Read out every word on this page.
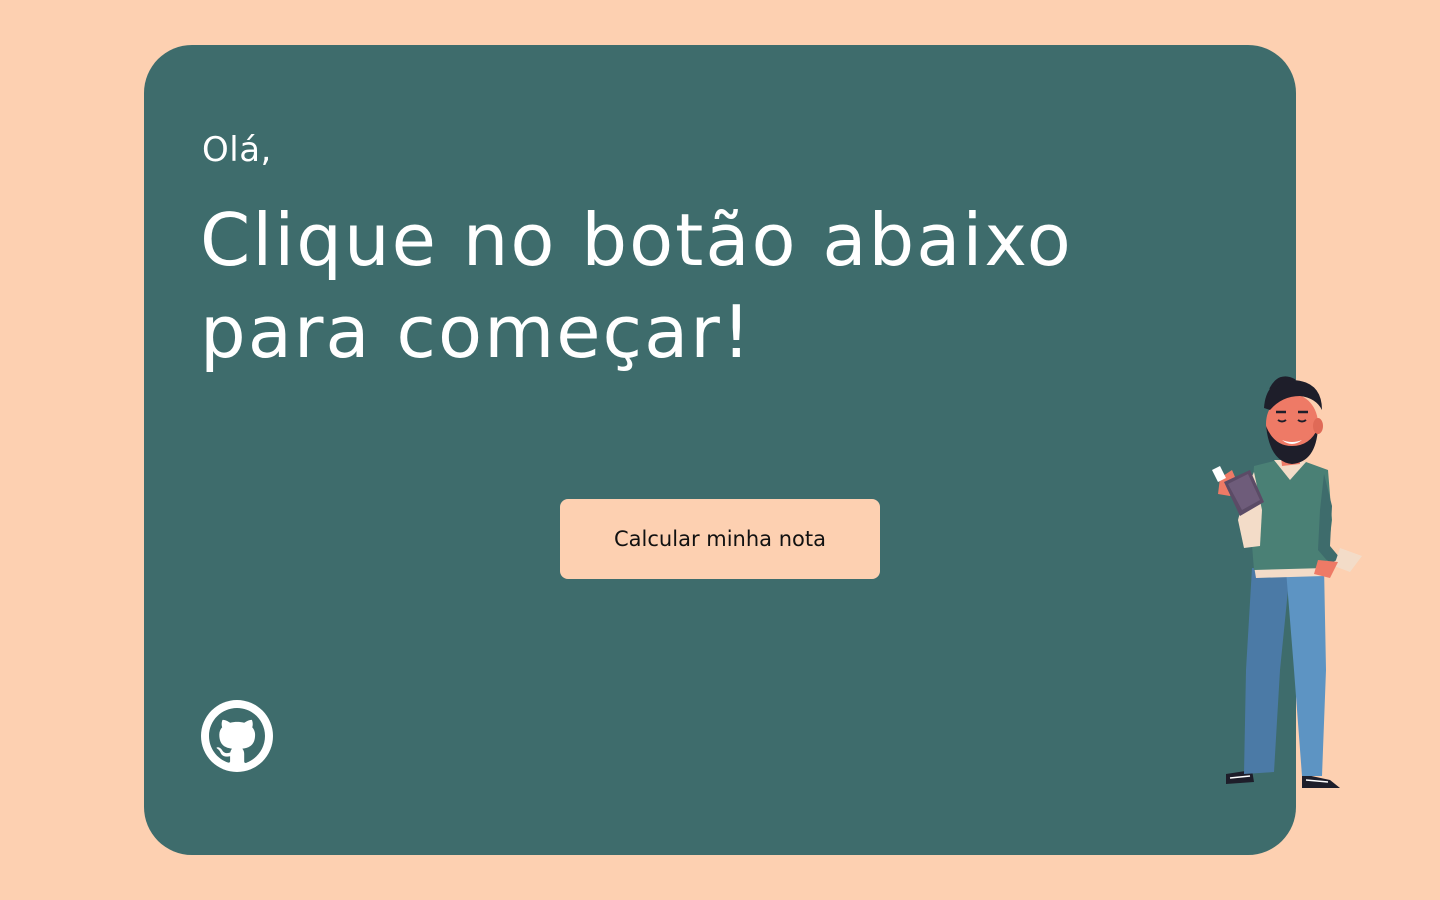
Olá,
Clique no botão abaixo para começar!
Calcular minha nota
